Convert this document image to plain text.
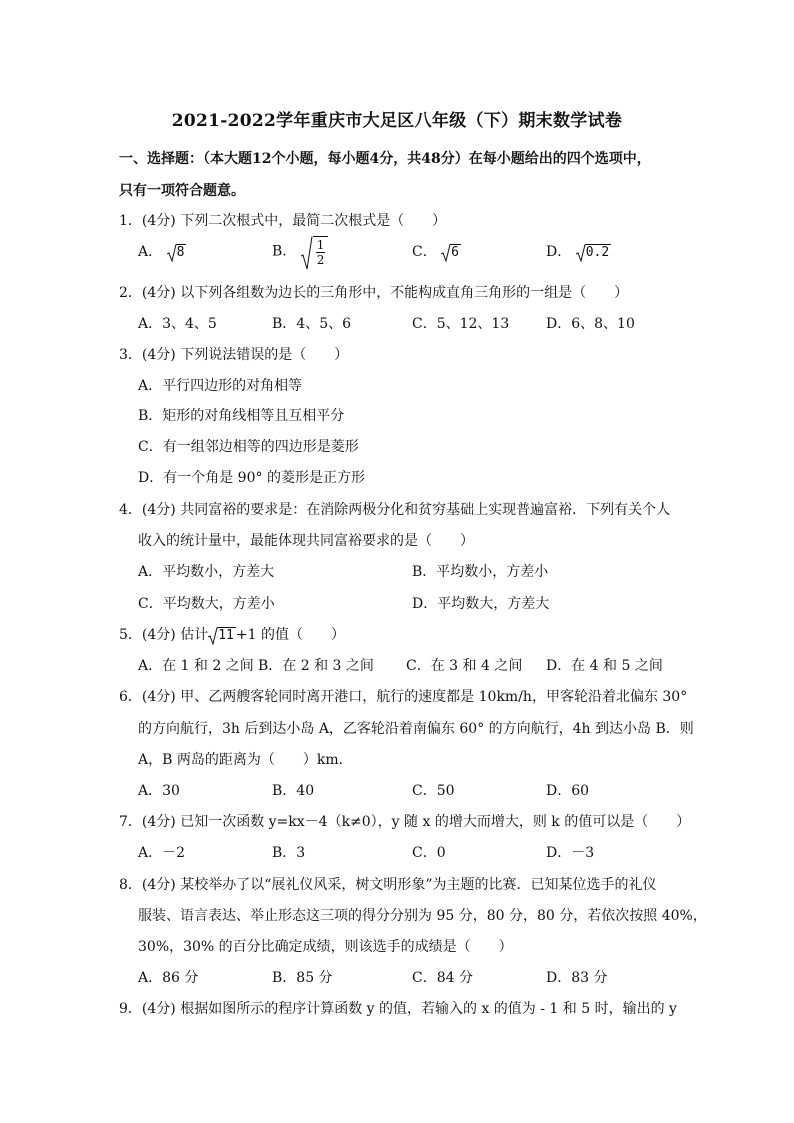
2021-2022学年重庆市大足区八年级（下）期末数学试卷
一、选择题：（本大题12个小题，每小题4分，共48分）在每小题给出的四个选项中，
只有一项符合题意。
1．(4分) 下列二次根式中，最简二次根式是（　　）
A． 8	B． $\frac{1}{2}$	C． 6	D． 0.2
2．(4分) 以下列各组数为边长的三角形中，不能构成直角三角形的一组是（　　）
A．3、4、5	B．4、5、6	C．5、12、13	D．6、8、10
3．(4分) 下列说法错误的是（　　）
A．平行四边形的对角相等
B．矩形的对角线相等且互相平分
C．有一组邻边相等的四边形是菱形
D．有一个角是 90° 的菱形是正方形
4．(4分) 共同富裕的要求是：在消除两极分化和贫穷基础上实现普遍富裕．下列有关个人
收入的统计量中，最能体现共同富裕要求的是（　　）
A．平均数小，方差大	B．平均数小，方差小
C．平均数大，方差小	D．平均数大，方差大
5．(4分) 估计 11 +1 的值（　　）
A．在 1 和 2 之间 B．在 2 和 3 之间 C．在 3 和 4 之间 D．在 4 和 5 之间
6．(4分) 甲、乙两艘客轮同时离开港口，航行的速度都是 10km/h，甲客轮沿着北偏东 30°
的方向航行，3h 后到达小岛 A，乙客轮沿着南偏东 60° 的方向航行，4h 到达小岛 B．则
A，B 两岛的距离为（　　）km．
A．30	B．40	C．50	D．60
7．(4分) 已知一次函数 y=kx－4（k≠0），y 随 x 的增大而增大，则 k 的值可以是（　　）
A．－2	B．3	C．0	D．－3
8．(4分) 某校举办了以“展礼仪风采，树文明形象”为主题的比赛．已知某位选手的礼仪
服装、语言表达、举止形态这三项的得分分别为 95 分，80 分，80 分，若依次按照 40%，
30%，30% 的百分比确定成绩，则该选手的成绩是（　　）
A．86 分	B．85 分	C．84 分	D．83 分
9．(4分) 根据如图所示的程序计算函数 y 的值，若输入的 x 的值为 - 1 和 5 时，输出的 y
